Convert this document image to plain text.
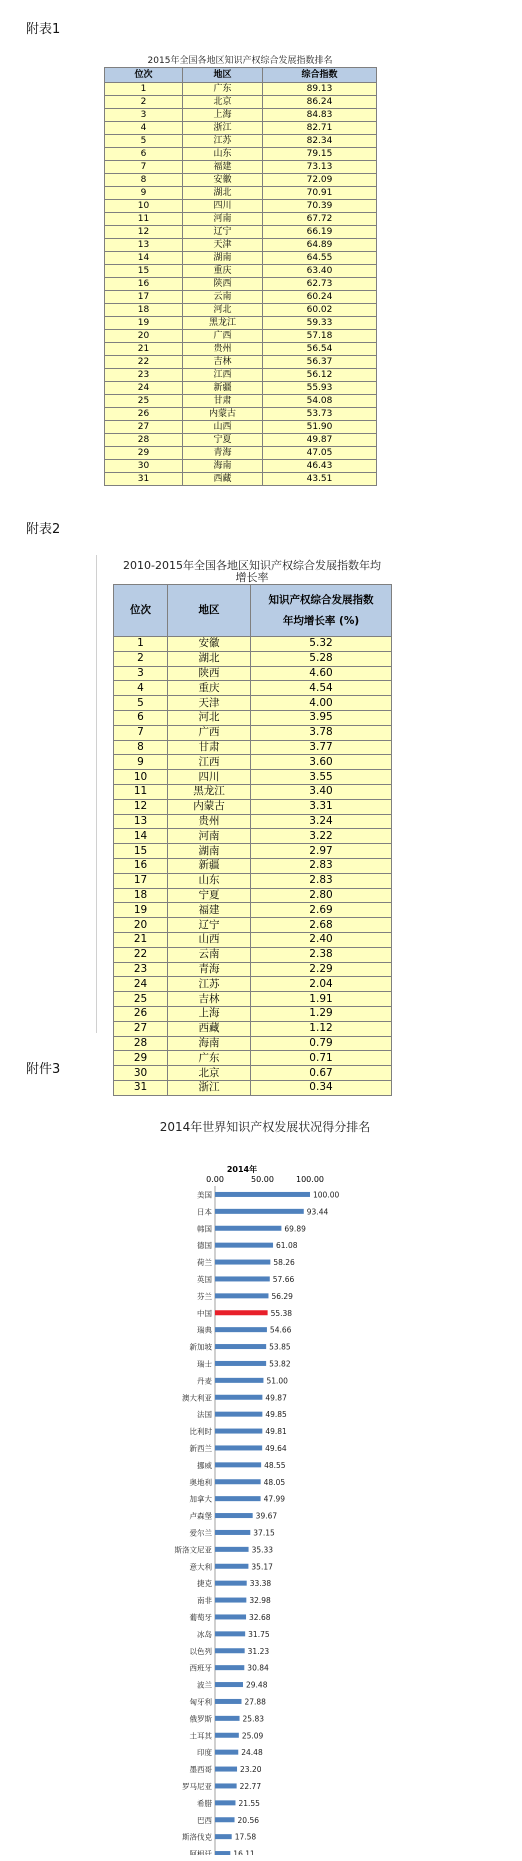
附表1
2015年全国各地区知识产权综合发展指数排名
位次	地区	综合指数
1	广东	89.13
2	北京	86.24
3	上海	84.83
4	浙江	82.71
5	江苏	82.34
6	山东	79.15
7	福建	73.13
8	安徽	72.09
9	湖北	70.91
10	四川	70.39
11	河南	67.72
12	辽宁	66.19
13	天津	64.89
14	湖南	64.55
15	重庆	63.40
16	陕西	62.73
17	云南	60.24
18	河北	60.02
19	黑龙江	59.33
20	广西	57.18
21	贵州	56.54
22	吉林	56.37
23	江西	56.12
24	新疆	55.93
25	甘肃	54.08
26	内蒙古	53.73
27	山西	51.90
28	宁夏	49.87
29	青海	47.05
30	海南	46.43
31	西藏	43.51
附表2
2010-2015年全国各地区知识产权综合发展指数年均增长率
位次	地区	知识产权综合发展指数
年均增长率 (%)

1	安徽	5.32
2	湖北	5.28
3	陕西	4.60
4	重庆	4.54
5	天津	4.00
6	河北	3.95
7	广西	3.78
8	甘肃	3.77
9	江西	3.60
10	四川	3.55
11	黑龙江	3.40
12	内蒙古	3.31
13	贵州	3.24
14	河南	3.22
15	湖南	2.97
16	新疆	2.83
17	山东	2.83
18	宁夏	2.80
19	福建	2.69
20	辽宁	2.68
21	山西	2.40
22	云南	2.38
23	青海	2.29
24	江苏	2.04
25	吉林	1.91
26	上海	1.29
27	西藏	1.12
28	海南	0.79
29	广东	0.71
30	北京	0.67
31	浙江	0.34
附件3
2014年世界知识产权发展状况得分排名
2014年
0.00	50.00	100.00
美国	100.00
日本	93.44
韩国	69.89
德国	61.08
荷兰	58.26
英国	57.66
芬兰	56.29
中国	55.38
瑞典	54.66
新加坡	53.85
瑞士	53.82
丹麦	51.00
澳大利亚	49.87
法国	49.85
比利时	49.81
新西兰	49.64
挪威	48.55
奥地利	48.05
加拿大	47.99
卢森堡	39.67
爱尔兰	37.15
斯洛文尼亚	35.33
意大利	35.17
捷克	33.38
南非	32.98
葡萄牙	32.68
冰岛	31.75
以色列	31.23
西班牙	30.84
波兰	29.48
匈牙利	27.88
俄罗斯	25.83
土耳其	25.09
印度	24.48
墨西哥	23.20
罗马尼亚	22.77
希腊	21.55
巴西	20.56
斯洛伐克	17.58
阿根廷	16.11
